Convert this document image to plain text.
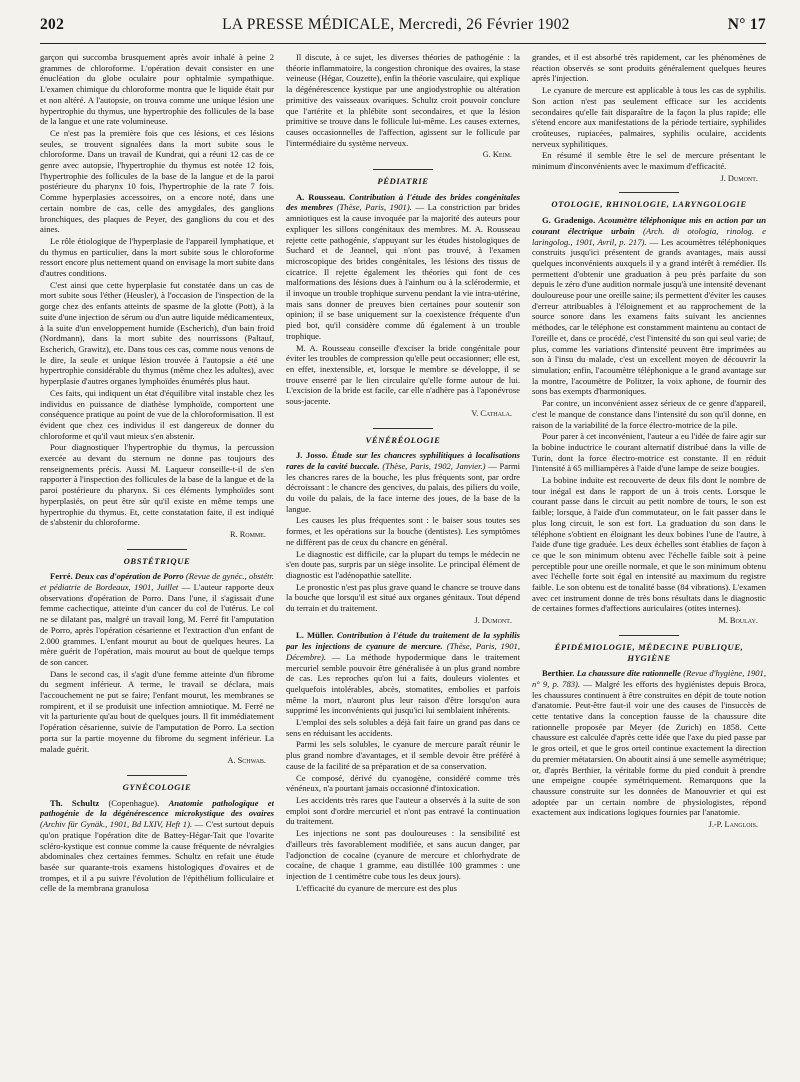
202	LA PRESSE MÉDICALE, Mercredi, 26 Février 1902	N° 17

garçon qui succomba brusquement après avoir inhalé à peine 2 grammes de chloroforme. L'opération devait consister en une énucléation du globe oculaire pour ophtalmie sympathique. L'examen chimique du chloroforme montra que le liquide était pur et non altéré. A l'autopsie, on trouva comme une unique lésion une hypertrophie du thymus, une hypertrophie des follicules de la base de la langue et une rate volumineuse.

Ce n'est pas la première fois que ces lésions, et ces lésions seules, se trouvent signalées dans la mort subite sous le chloroforme. Dans un travail de Kundrat, qui a réuni 12 cas de ce genre avec autopsie, l'hypertrophie du thymus est notée 12 fois, l'hypertrophie des follicules de la base de la langue et de la paroi postérieure du pharynx 10 fois, l'hypertrophie de la rate 7 fois. Comme hyperplasies accessoires, on a encore noté, dans une certain nombre de cas, celle des amygdales, des ganglions bronchiques, des plaques de Peyer, des ganglions du cou et des aines.

Le rôle étiologique de l'hyperplasie de l'appareil lymphatique, et du thymus en particulier, dans la mort subite sous le chloroforme ressort encore plus nettement quand on envisage la mort subite dans d'autres conditions.

C'est ainsi que cette hyperplasie fut constatée dans un cas de mort subite sous l'éther (Heusler), à l'occasion de l'inspection de la gorge chez des enfants atteints de spasme de la glotte (Pott), à la suite d'une injection de sérum ou d'un autre liquide médicamenteux, à la suite d'un enveloppement humide (Escherich), d'un bain froid (Nordmann), dans la mort subite des nourrissons (Paltauf, Escherich, Grawitz), etc. Dans tous ces cas, comme nous venons de le dire, la seule et unique lésion trouvée à l'autopsie a été une hypertrophie considérable du thymus (même chez les adultes), avec hyperplasie d'autres organes lymphoïdes énumérés plus haut.

Ces faits, qui indiquent un état d'équilibre vital instable chez les individus en puissance de diathèse lymphoïde, comportent une conséquence pratique au point de vue de la chloroformisation. Il est évident que chez ces individus il est dangereux de donner du chloroforme et qu'il vaut mieux s'en abstenir.

Pour diagnostiquer l'hypertrophie du thymus, la percussion exercée au devant du sternum ne donne pas toujours des renseignements précis. Aussi M. Laqueur conseille-t-il de s'en rapporter à l'inspection des follicules de la base de la langue et de la paroi postérieure du pharynx. Si ces éléments lymphoïdes sont hyperplasiés, on peut être sûr qu'il existe en même temps une hypertrophie du thymus. Et, cette constatation faite, il est indiqué de s'abstenir du chloroforme.

R. Romme.
OBSTÉTRIQUE

Ferré. Deux cas d'opération de Porro (Revue de gynéc., obstétr. et pédiatrie de Bordeaux, 1901, Juillet — L'auteur rapporte deux observations d'opération de Porro. Dans l'une, il s'agissait d'une femme cachectique, atteinte d'un cancer du col de l'utérus. Le col ne se dilatant pas, malgré un travail long, M. Ferré fit l'amputation de Porro, après l'opération césarienne et l'extraction d'un enfant de 2.000 grammes. L'enfant mourut au bout de quelques heures. La mère guérit de l'opération, mais mourut au bout de quelque temps de son cancer.

Dans le second cas, il s'agit d'une femme atteinte d'un fibrome du segment inférieur. A terme, le travail se déclara, mais l'accouchement ne put se faire; l'enfant mourut, les membranes se rompirent, et il se produisit une infection amniotique. M. Ferré ne vit la parturiente qu'au bout de quelques jours. Il fit immédiatement l'opération césarienne, suivie de l'amputation de Porro. La section porta sur la partie moyenne du fibrome du segment inférieur. La malade guérit.

A. Schwab.
GYNÉCOLOGIE

Th. Schultz (Copenhague). Anatomie pathologique et pathogénie de la dégénérescence microkystique des ovaires (Archiv für Gynäk., 1901, Bd LXIV, Heft 1). — C'est surtout depuis qu'on pratique l'opération dite de Battey-Hégar-Tait que l'ovarite scléro-kystique est connue comme la cause fréquente de névralgies abdominales chez certaines femmes. Schultz en refait une étude basée sur quarante-trois examens histologiques d'ovaires et de trompes, et il a pu suivre l'évolution de l'épithélium folliculaire et celle de la membrana granulosa

Il discute, à ce sujet, les diverses théories de pathogénie : la théorie inflammatoire, la congestion chronique des ovaires, la stase veineuse (Hégar, Couzette), enfin la théorie vasculaire, qui explique la dégénérescence kystique par une angiodystrophie ou altération primitive des vaisseaux ovariques. Schultz croit pouvoir conclure que l'artérite et la phlébite sont secondaires, et que la lésion primitive se trouve dans le follicule lui-même. Les causes externes, causes occasionnelles de l'affection, agissent sur le follicule par l'intermédiaire du système nerveux.

G. Keim.
PÉDIATRIE

A. Rousseau. Contribution à l'étude des brides congénitales des membres (Thèse, Paris, 1901). — La constriction par brides amniotiques est la cause invoquée par la majorité des auteurs pour expliquer les sillons congénitaux des membres. M. A. Rousseau rejette cette pathogénie, s'appuyant sur les études histologiques de Suchard et de Jeannel, qui n'ont pas trouvé, à l'examen microscopique des brides congénitales, les lésions des tissus de cicatrice. Il rejette également les théories qui font de ces malformations des lésions dues à l'ainhum ou à la sclérodermie, et il invoque un trouble trophique survenu pendant la vie intra-utérine, mais sans donner de preuves bien certaines pour soutenir son opinion; il se base uniquement sur la coexistence fréquente d'un pied bot, qu'il considère comme dû également à un trouble trophique.

M. A. Rousseau conseille d'exciser la bride congénitale pour éviter les troubles de compression qu'elle peut occasionner; elle est, en effet, inextensible, et, lorsque le membre se développe, il se trouve enserré par le lien circulaire qu'elle forme autour de lui. L'excision de la bride est facile, car elle n'adhère pas à l'aponévrose sous-jacente.

V. Cathala.
VÉNÉRÉOLOGIE

J. Josso. Étude sur les chancres syphilitiques à localisations rares de la cavité buccale. (Thèse, Paris, 1902, Janvier.) — Parmi les chancres rares de la bouche, les plus fréquents sont, par ordre décroissant : le chancre des gencives, du palais, des piliers du voile, du voile du palais, de la face interne des joues, de la base de la langue.

Les causes les plus fréquentes sont : le baiser sous toutes ses formes, et les opérations sur la bouche (dentistes). Les symptômes ne diffèrent pas de ceux du chancre en général.

Le diagnostic est difficile, car la plupart du temps le médecin ne s'en doute pas, surpris par un siège insolite. Le principal élément de diagnostic est l'adénopathie satellite.

Le pronostic n'est pas plus grave quand le chancre se trouve dans la bouche que lorsqu'il est situé aux organes génitaux. Tout dépend du terrain et du traitement.

J. Dumont.

L. Müller. Contribution à l'étude du traitement de la syphilis par les injections de cyanure de mercure. (Thèse, Paris, 1901, Décembre). — La méthode hypodermique dans le traitement mercuriel semble pouvoir être généralisée à un plus grand nombre de cas. Les reproches qu'on lui a faits, douleurs violentes et quelquefois intolérables, abcès, stomatites, embolies et parfois même la mort, n'auront plus leur raison d'être lorsqu'on aura supprimé les inconvénients qui jusqu'ici lui semblaient inhérents.

L'emploi des sels solubles a déjà fait faire un grand pas dans ce sens en réduisant les accidents.

Parmi les sels solubles, le cyanure de mercure paraît réunir le plus grand nombre d'avantages, et il semble devoir être préféré à cause de la facilité de sa préparation et de sa conservation.

Ce composé, dérivé du cyanogène, considéré comme très vénéneux, n'a pourtant jamais occasionné d'intoxication.

Les accidents très rares que l'auteur a observés à la suite de son emploi sont d'ordre mercuriel et n'ont pas entravé la continuation du traitement.

Les injections ne sont pas douloureuses : la sensibilité est d'ailleurs très favorablement modifiée, et sans aucun danger, par l'adjonction de cocaïne (cyanure de mercure et chlorhydrate de cocaïne, de chaque 1 gramme, eau distillée 100 grammes : une injection de 1 centimètre cube tous les deux jours).

L'efficacité du cyanure de mercure est des plus

grandes, et il est absorbé très rapidement, car les phénomènes de réaction observés se sont produits généralement quelques heures après l'injection.

Le cyanure de mercure est applicable à tous les cas de syphilis. Son action n'est pas seulement efficace sur les accidents secondaires qu'elle fait disparaître de la façon la plus rapide; elle s'étend encore aux manifestations de la période tertiaire, syphilides croûteuses, rupiacées, palmaires, syphilis oculaire, accidents nerveux syphilitiques.

En résumé il semble être le sel de mercure présentant le minimum d'inconvénients avec le maximum d'efficacité.

J. Dumont.
OTOLOGIE, RHINOLOGIE, LARYNGOLOGIE

G. Gradenigo. Acoumètre téléphonique mis en action par un courant électrique urbain (Arch. di otologia, rinolog. e laringolog., 1901, Avril, p. 217). — Les acoumètres téléphoniques construits jusqu'ici présentent de grands avantages, mais aussi quelques inconvénients auxquels il y a grand intérêt à remédier. Ils permettent d'obtenir une graduation à peu près parfaite du son depuis le zéro d'une audition normale jusqu'à une intensité devenant douloureuse pour une oreille saine; ils permettent d'éviter les causes d'erreur attribuables à l'éloignement et au rapprochement de la source sonore dans les examens faits suivant les anciennes méthodes, car le téléphone est constamment maintenu au contact de l'oreille et, dans ce procédé, c'est l'intensité du son qui seul varie; de plus, comme les variations d'intensité peuvent être imprimées au son à l'insu du malade, c'est un excellent moyen de découvrir la simulation; enfin, l'acoumètre téléphonique a le grand avantage sur la montre, l'acoumètre de Politzer, la voix aphone, de fournir des sons bas exempts d'harmoniques.

Par contre, un inconvénient assez sérieux de ce genre d'appareil, c'est le manque de constance dans l'intensité du son qu'il donne, en raison de la variabilité de la force électro-motrice de la pile.

Pour parer à cet inconvénient, l'auteur a eu l'idée de faire agir sur la bobine inductrice le courant alternatif distribué dans la ville de Turin, dont la force électro-motrice est constante. Il en réduit l'intensité à 65 milliampères à l'aide d'une lampe de seize bougies.

La bobine induite est recouverte de deux fils dont le nombre de tour inégal est dans le rapport de un à trois cents. Lorsque le courant passe dans le circuit au petit nombre de tours, le son est faible; lorsque, à l'aide d'un commutateur, on le fait passer dans le plus long circuit, le son est fort. La graduation du son dans le téléphone s'obtient en éloignant les deux bobines l'une de l'autre, à l'aide d'une tige graduée. Les deux échelles sont établies de façon à ce que le son minimum obtenu avec l'échelle faible soit à peine perceptible pour une oreille normale, et que le son minimum obtenu avec l'échelle forte soit égal en intensité au maximum du registre faible. Le son obtenu est de tonalité basse (84 vibrations). L'examen avec cet instrument donne de très bons résultats dans le diagnostic de certaines formes d'affections auriculaires (otites internes).

M. Boulay.
ÉPIDÉMIOLOGIE, MÉDECINE PUBLIQUE, HYGIÈNE

Berthier. La chaussure dite rationnelle (Revue d'hygiène, 1901, n° 9, p. 783). — Malgré les efforts des hygiénistes depuis Broca, les chaussures continuent à être construites en dépit de toute notion d'anatomie. Peut-être faut-il voir une des causes de l'insuccès de cette tentative dans la conception fausse de la chaussure dite rationnelle proposée par Meyer (de Zurich) en 1858. Cette chaussure est calculée d'après cette idée que l'axe du pied passe par le gros orteil, et que le gros orteil continue exactement la direction du premier métatarsien. On aboutit ainsi à une semelle asymétrique; or, d'après Berthier, la véritable forme du pied conduit à prendre une empeigne coupée symétriquement. Remarquons que la chaussure construite sur les données de Manouvrier et qui est adoptée par un certain nombre de physiologistes, répond exactement aux indications logiques fournies par l'anatomie.

J.-P. Langlois.
